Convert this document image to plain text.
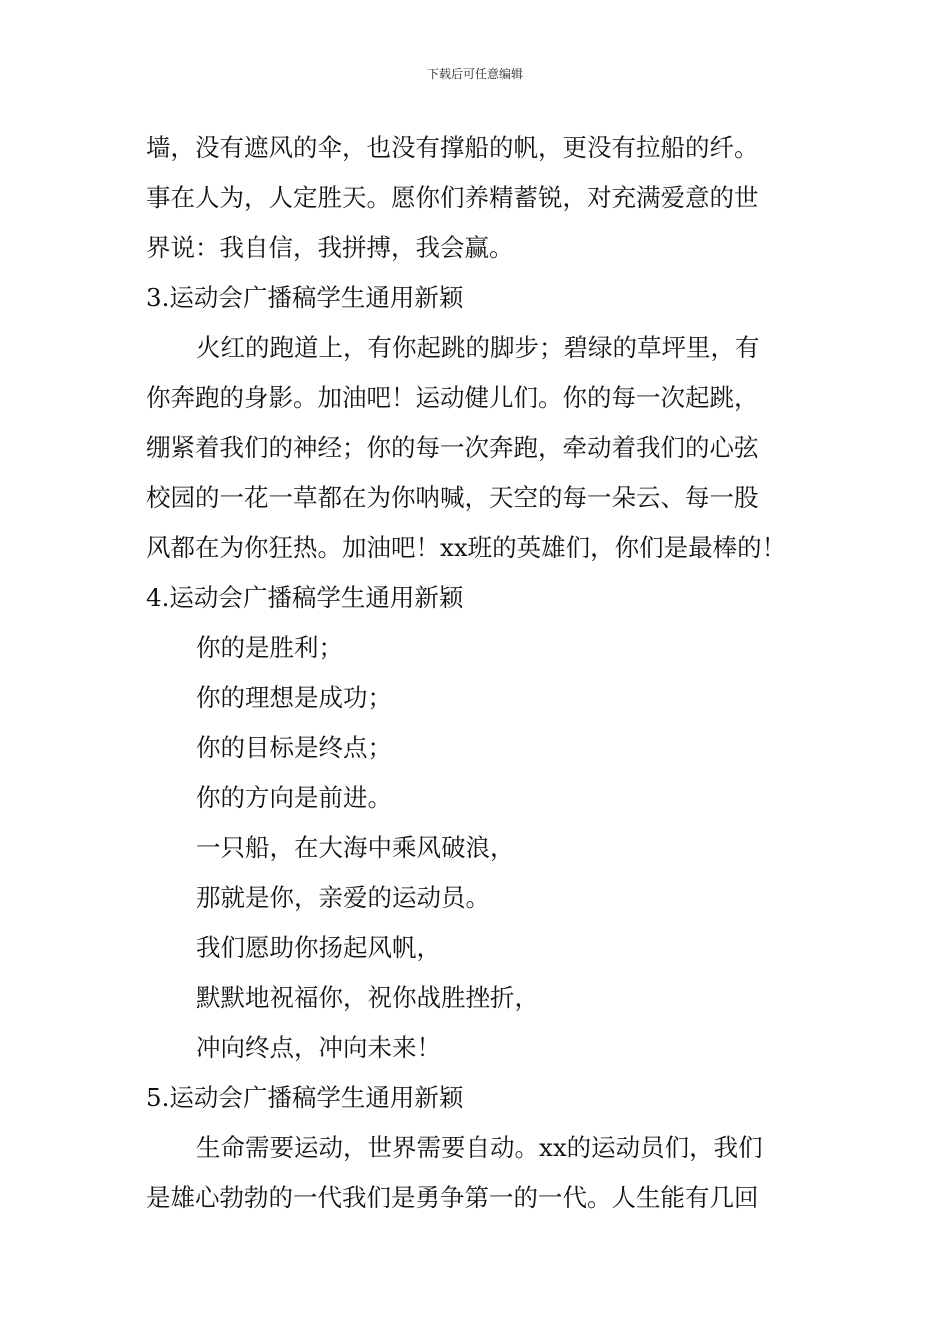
下载后可任意编辑
墙，没有遮风的伞，也没有撑船的帆，更没有拉船的纤。
事在人为，人定胜天。愿你们养精蓄锐，对充满爱意的世
界说：我自信，我拼搏，我会赢。
3.运动会广播稿学生通用新颖
火红的跑道上，有你起跳的脚步；碧绿的草坪里，有
你奔跑的身影。加油吧！运动健儿们。你的每一次起跳，
绷紧着我们的神经；你的每一次奔跑，牵动着我们的心弦
校园的一花一草都在为你呐喊，天空的每一朵云、每一股
风都在为你狂热。加油吧！xx班的英雄们，你们是最棒的！
4.运动会广播稿学生通用新颖
你的是胜利；
你的理想是成功；
你的目标是终点；
你的方向是前进。
一只船，在大海中乘风破浪，
那就是你，亲爱的运动员。
我们愿助你扬起风帆，
默默地祝福你，祝你战胜挫折，
冲向终点，冲向未来！
5.运动会广播稿学生通用新颖
生命需要运动，世界需要自动。xx的运动员们，我们
是雄心勃勃的一代我们是勇争第一的一代。人生能有几回
